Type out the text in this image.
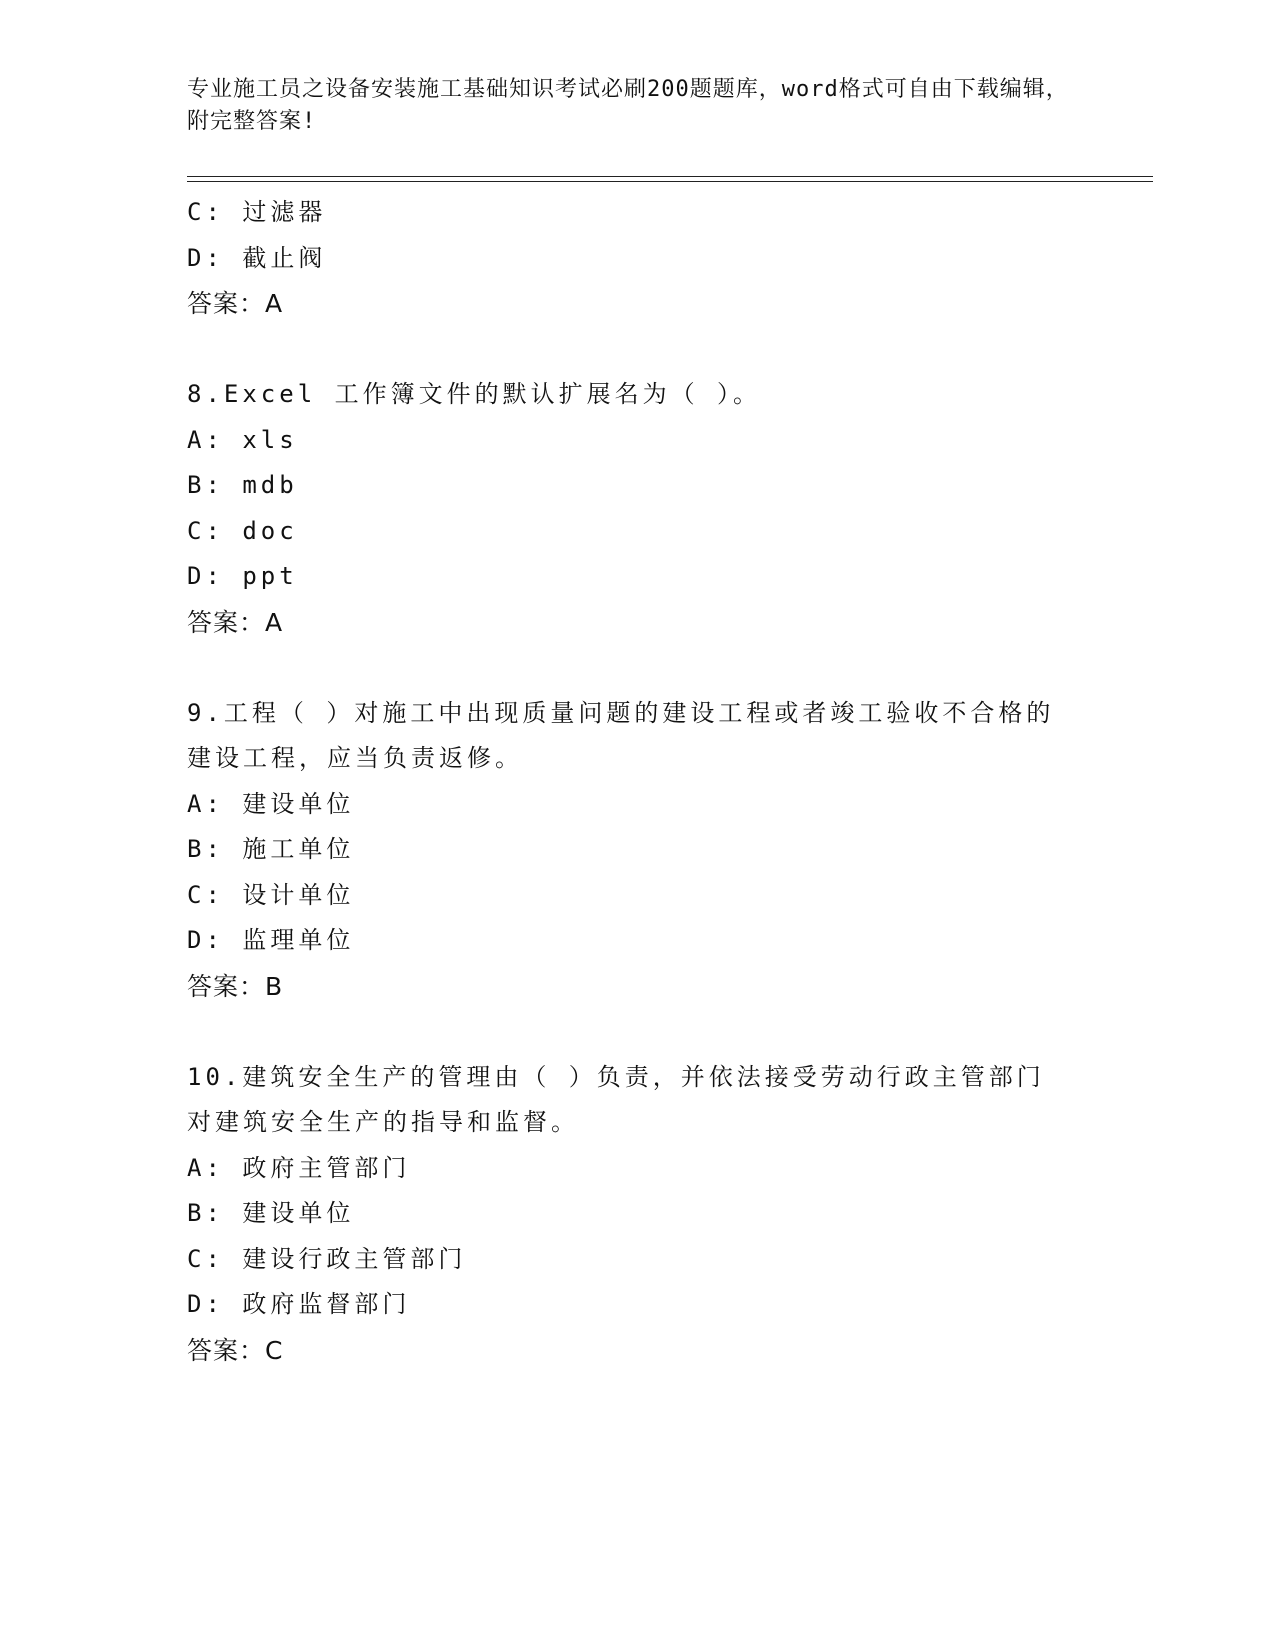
专业施工员之设备安装施工基础知识考试必刷200题题库，word格式可自由下载编辑，附完整答案!
C: 过滤器
D: 截止阀
答案：A
8.Excel 工作簿文件的默认扩展名为（ ）。
A: xls
B: mdb
C: doc
D: ppt
答案：A
9.工程（ ）对施工中出现质量问题的建设工程或者竣工验收不合格的建设工程，应当负责返修。
A: 建设单位
B: 施工单位
C: 设计单位
D: 监理单位
答案：B
10.建筑安全生产的管理由（ ）负责，并依法接受劳动行政主管部门对建筑安全生产的指导和监督。
A: 政府主管部门
B: 建设单位
C: 建设行政主管部门
D: 政府监督部门
答案：C
